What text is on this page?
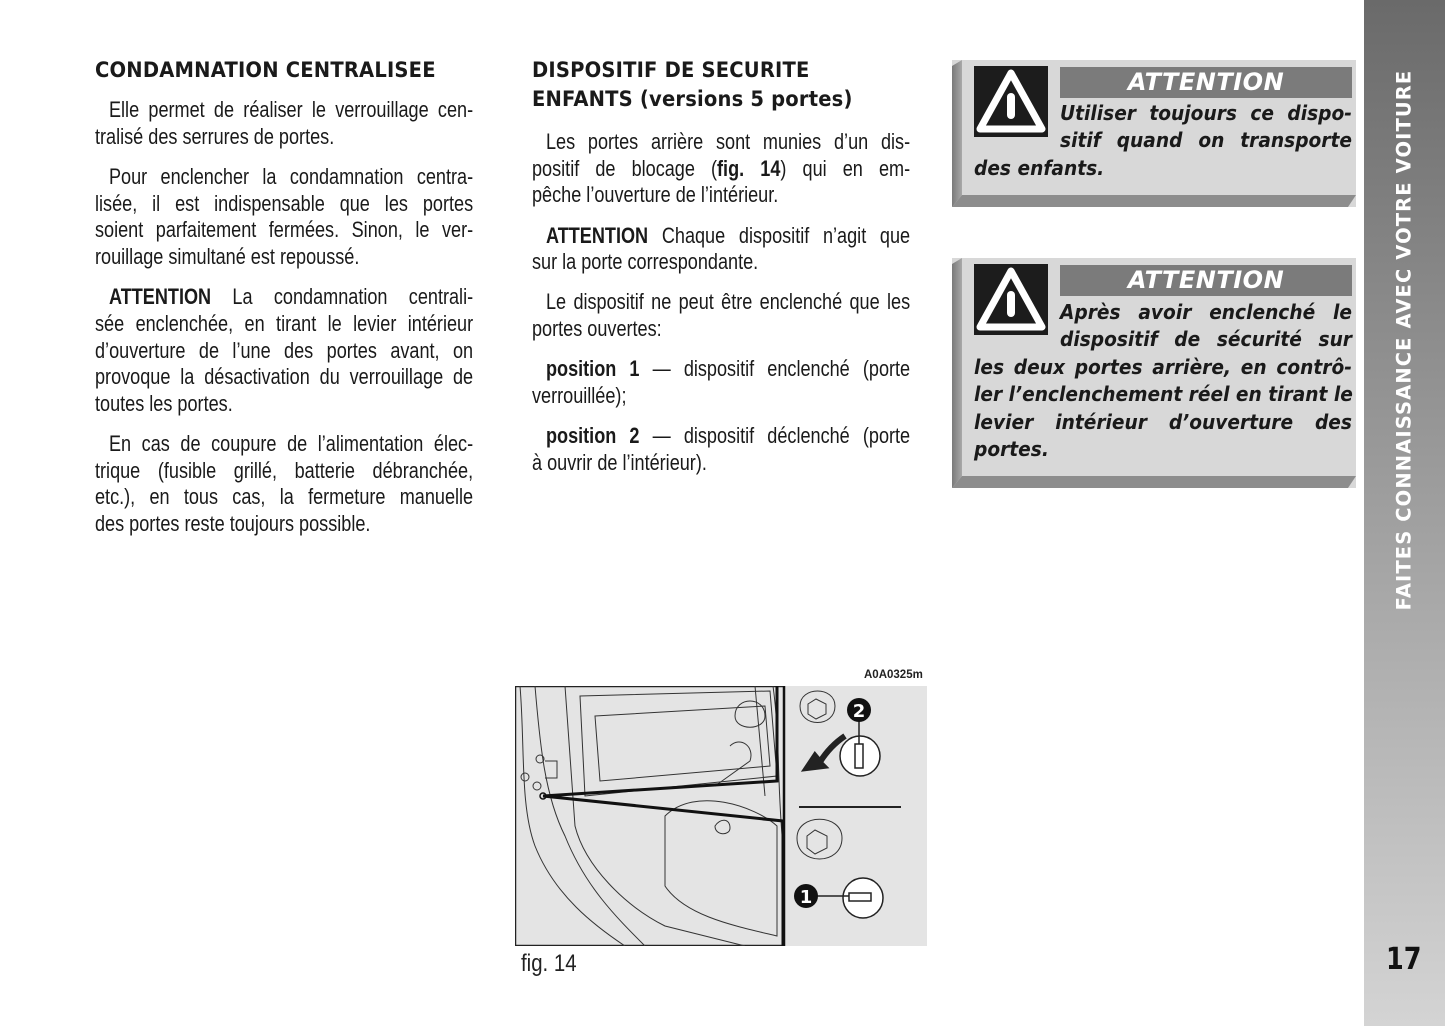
CONDAMNATION CENTRALISEE
Elle permet de réaliser le verrouillage cen-
tralisé des serrures de portes.
Pour enclencher la condamnation centra-
lisée, il est indispensable que les portes
soient parfaitement fermées. Sinon, le ver-
rouillage simultané est repoussé.
ATTENTION La condamnation centrali-
sée enclenchée, en tirant le levier intérieur
d’ouverture de l’une des portes avant, on
provoque la désactivation du verrouillage de
toutes les portes.
En cas de coupure de l’alimentation élec-
trique (fusible grillé, batterie débranchée,
etc.), en tous cas, la fermeture manuelle
des portes reste toujours possible.
DISPOSITIF DE SECURITE
ENFANTS (versions 5 portes)
Les portes arrière sont munies d’un dis-
positif de blocage (fig. 14) qui en em-
pêche l’ouverture de l’intérieur.
ATTENTION Chaque dispositif n’agit que
sur la porte correspondante.
Le dispositif ne peut être enclenché que les
portes ouvertes:
position 1 — dispositif enclenché (porte
verrouillée);
position 2 — dispositif déclenché (porte
à ouvrir de l’intérieur).
ATTENTION
Utiliser toujours ce dispo-
sitif quand on transporte
des enfants.
ATTENTION
Après avoir enclenché le
dispositif de sécurité sur
les deux portes arrière, en contrô-
ler l’enclenchement réel en tirant le
levier intérieur d’ouverture des
portes.
A0A0325m
2
1
fig. 14
FAITES CONNAISSANCE AVEC VOTRE VOITURE
17
